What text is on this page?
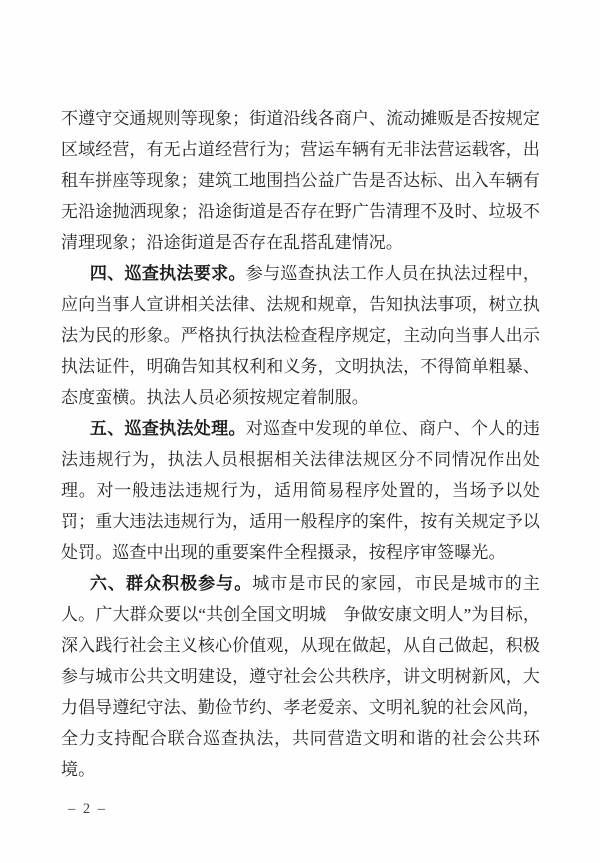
不遵守交通规则等现象；街道沿线各商户、流动摊贩是否按规定区域经营，有无占道经营行为；营运车辆有无非法营运载客，出租车拼座等现象；建筑工地围挡公益广告是否达标、出入车辆有无沿途抛洒现象；沿途街道是否存在野广告清理不及时、垃圾不清理现象；沿途街道是否存在乱搭乱建情况。

四、巡查执法要求。参与巡查执法工作人员在执法过程中，应向当事人宣讲相关法律、法规和规章，告知执法事项，树立执法为民的形象。严格执行执法检查程序规定，主动向当事人出示执法证件，明确告知其权利和义务，文明执法，不得简单粗暴、态度蛮横。执法人员必须按规定着制服。

五、巡查执法处理。对巡查中发现的单位、商户、个人的违法违规行为，执法人员根据相关法律法规区分不同情况作出处理。对一般违法违规行为，适用简易程序处置的，当场予以处罚；重大违法违规行为，适用一般程序的案件，按有关规定予以处罚。巡查中出现的重要案件全程摄录，按程序审签曝光。

六、群众积极参与。城市是市民的家园，市民是城市的主人。广大群众要以“共创全国文明城　争做安康文明人”为目标，深入践行社会主义核心价值观，从现在做起，从自己做起，积极参与城市公共文明建设，遵守社会公共秩序，讲文明树新风，大力倡导遵纪守法、勤俭节约、孝老爱亲、文明礼貌的社会风尚，全力支持配合联合巡查执法，共同营造文明和谐的社会公共环境。

– 2 –
